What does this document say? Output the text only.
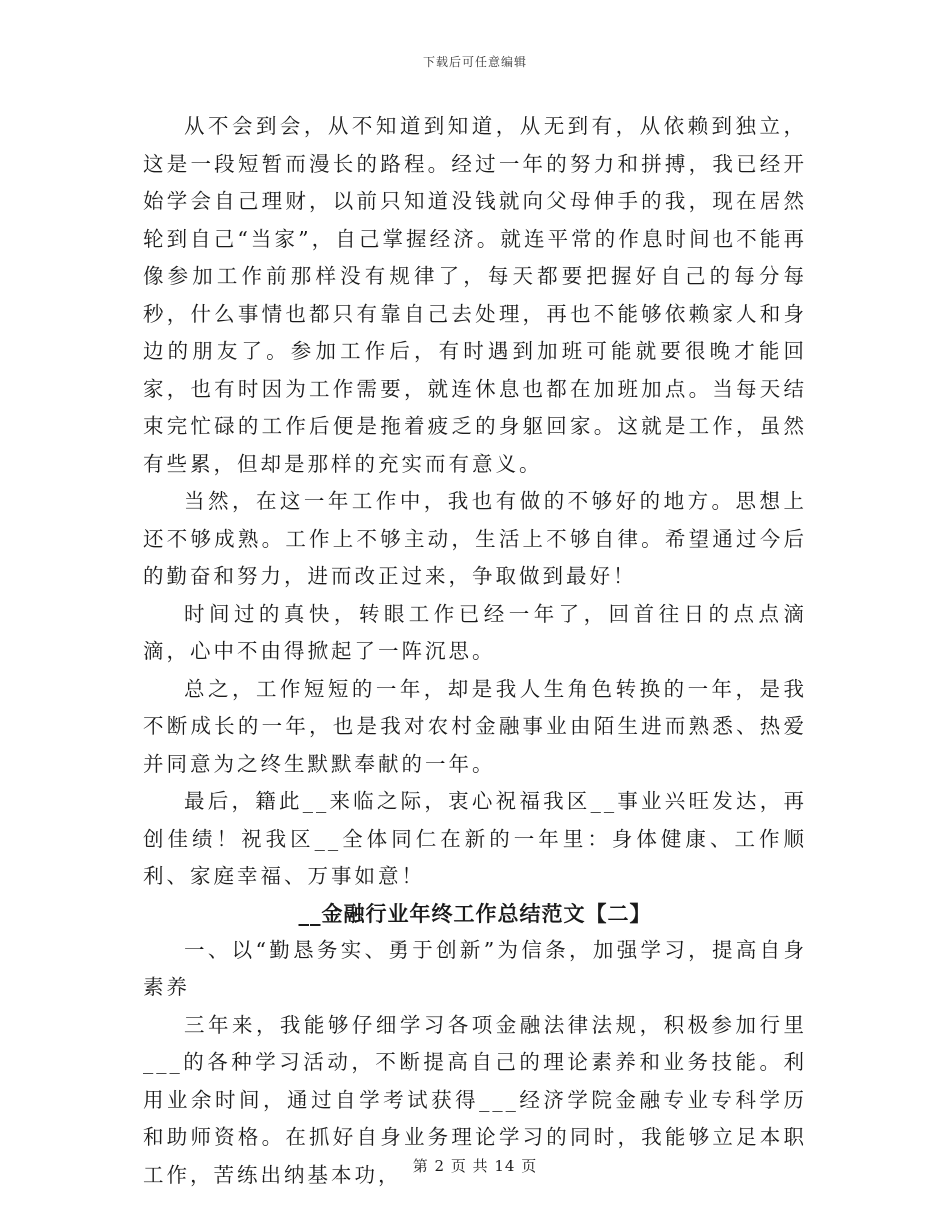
下载后可任意编辑

从不会到会，从不知道到知道，从无到有，从依赖到独立，这是一段短暂而漫长的路程。经过一年的努力和拼搏，我已经开始学会自己理财，以前只知道没钱就向父母伸手的我，现在居然轮到自己“当家”，自己掌握经济。就连平常的作息时间也不能再像参加工作前那样没有规律了，每天都要把握好自己的每分每秒，什么事情也都只有靠自己去处理，再也不能够依赖家人和身边的朋友了。参加工作后，有时遇到加班可能就要很晚才能回家，也有时因为工作需要，就连休息也都在加班加点。当每天结束完忙碌的工作后便是拖着疲乏的身躯回家。这就是工作，虽然有些累，但却是那样的充实而有意义。

当然，在这一年工作中，我也有做的不够好的地方。思想上还不够成熟。工作上不够主动，生活上不够自律。希望通过今后的勤奋和努力，进而改正过来，争取做到最好！

时间过的真快，转眼工作已经一年了，回首往日的点点滴滴，心中不由得掀起了一阵沉思。

总之，工作短短的一年，却是我人生角色转换的一年，是我不断成长的一年，也是我对农村金融事业由陌生进而熟悉、热爱并同意为之终生默默奉献的一年。

最后，籍此__来临之际，衷心祝福我区__事业兴旺发达，再创佳绩！祝我区__全体同仁在新的一年里：身体健康、工作顺利、家庭幸福、万事如意！

__金融行业年终工作总结范文【二】

一、以“勤恳务实、勇于创新”为信条，加强学习，提高自身素养

三年来，我能够仔细学习各项金融法律法规，积极参加行里___的各种学习活动，不断提高自己的理论素养和业务技能。利用业余时间，通过自学考试获得___经济学院金融专业专科学历和助师资格。在抓好自身业务理论学习的同时，我能够立足本职工作，苦练出纳基本功， 第 2 页 共 14 页
